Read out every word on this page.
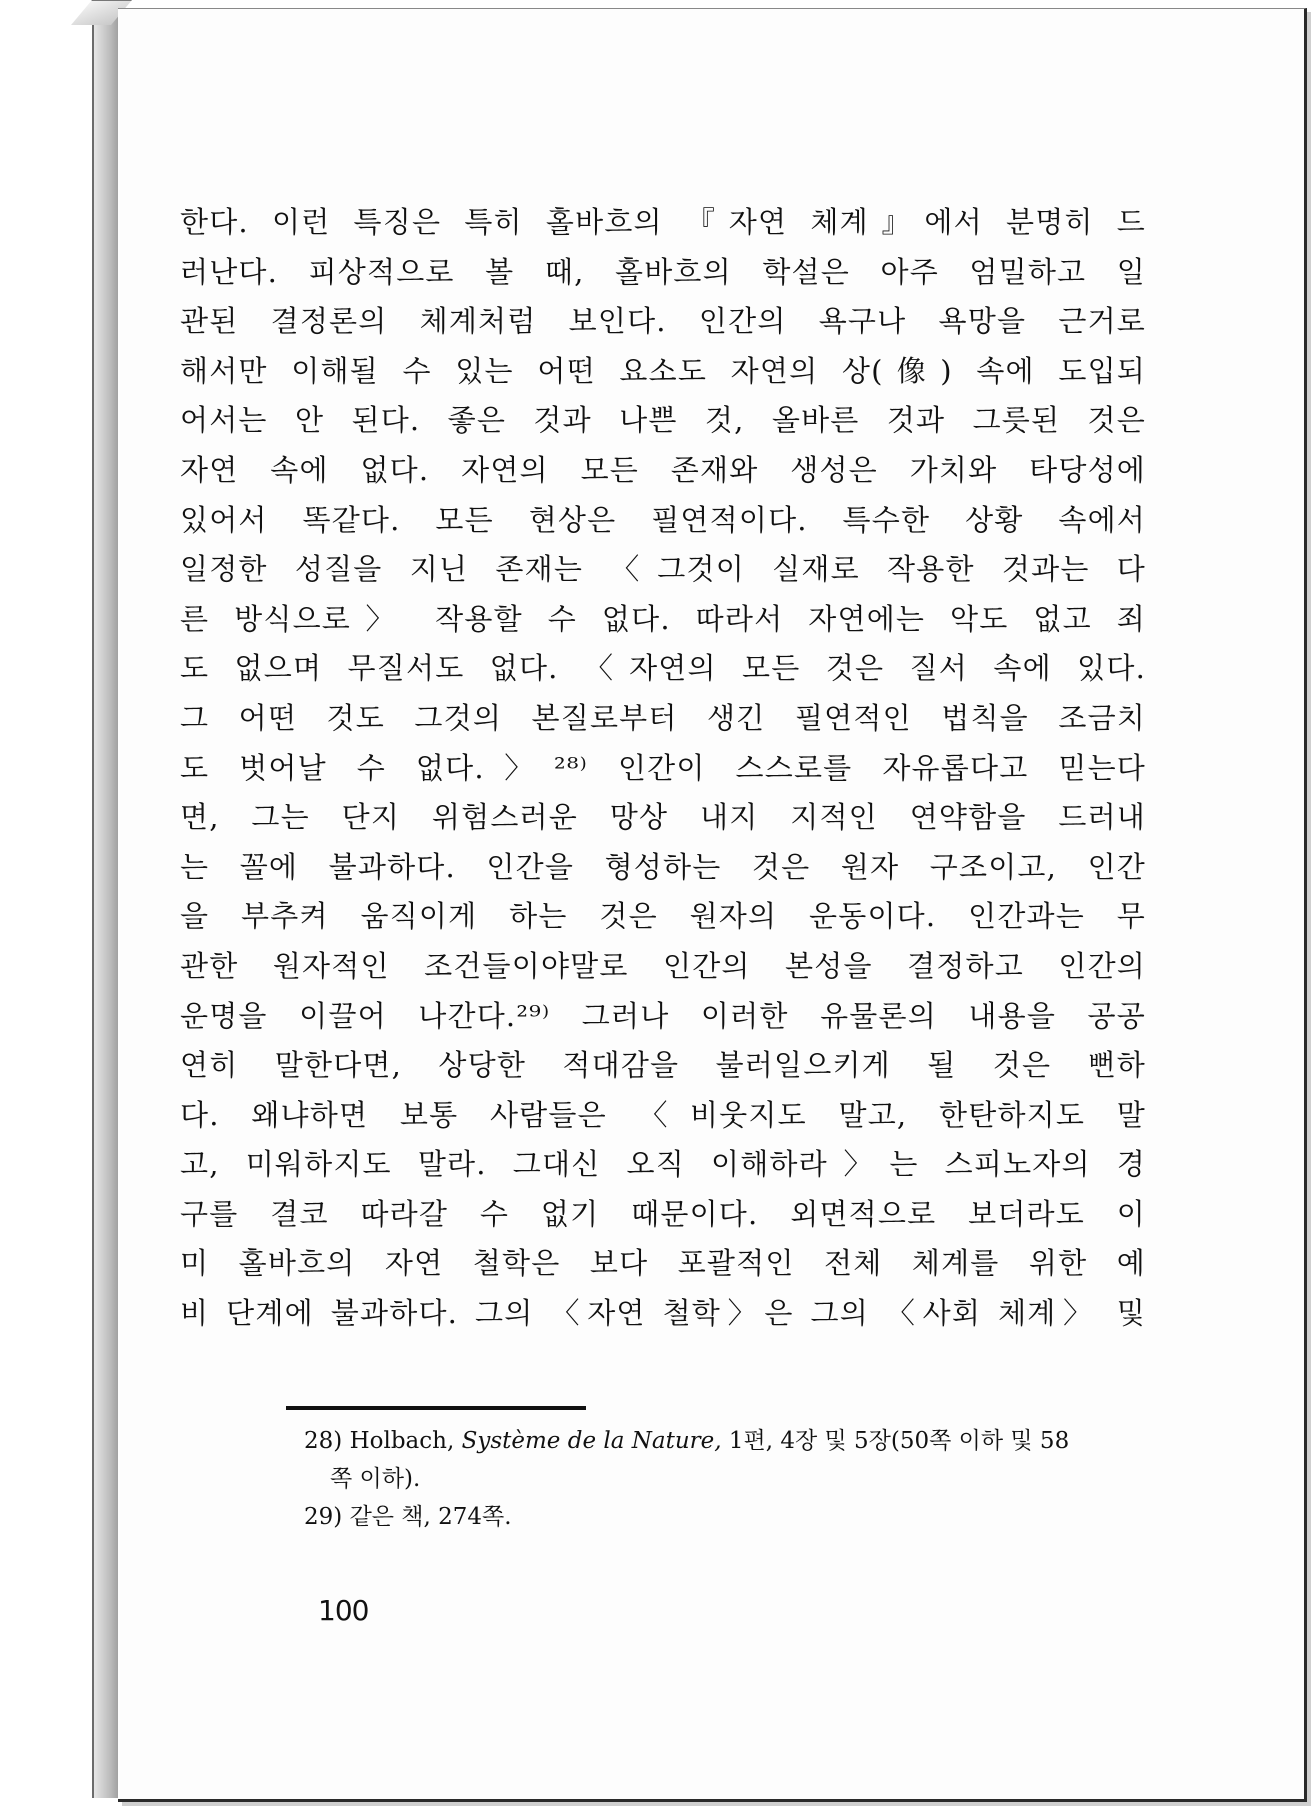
한다. 이런 특징은 특히 홀바흐의 『자연 체계』에서 분명히 드
러난다. 피상적으로 볼 때, 홀바흐의 학설은 아주 엄밀하고 일
관된 결정론의 체계처럼 보인다. 인간의 욕구나 욕망을 근거로
해서만 이해될 수 있는 어떤 요소도 자연의 상(像) 속에 도입되
어서는 안 된다. 좋은 것과 나쁜 것, 올바른 것과 그릇된 것은
자연 속에 없다. 자연의 모든 존재와 생성은 가치와 타당성에
있어서 똑같다. 모든 현상은 필연적이다. 특수한 상황 속에서
일정한 성질을 지닌 존재는 〈그것이 실재로 작용한 것과는 다
른 방식으로〉 작용할 수 없다. 따라서 자연에는 악도 없고 죄
도 없으며 무질서도 없다. 〈자연의 모든 것은 질서 속에 있다.
그 어떤 것도 그것의 본질로부터 생긴 필연적인 법칙을 조금치
도 벗어날 수 없다.〉²⁸⁾ 인간이 스스로를 자유롭다고 믿는다
면, 그는 단지 위험스러운 망상 내지 지적인 연약함을 드러내
는 꼴에 불과하다. 인간을 형성하는 것은 원자 구조이고, 인간
을 부추켜 움직이게 하는 것은 원자의 운동이다. 인간과는 무
관한 원자적인 조건들이야말로 인간의 본성을 결정하고 인간의
운명을 이끌어 나간다.²⁹⁾ 그러나 이러한 유물론의 내용을 공공
연히 말한다면, 상당한 적대감을 불러일으키게 될 것은 뻔하
다. 왜냐하면 보통 사람들은 〈비웃지도 말고, 한탄하지도 말
고, 미워하지도 말라. 그대신 오직 이해하라〉는 스피노자의 경
구를 결코 따라갈 수 없기 때문이다. 외면적으로 보더라도 이
미 홀바흐의 자연 철학은 보다 포괄적인 전체 체계를 위한 예
비 단계에 불과하다. 그의 〈자연 철학〉은 그의 〈사회 체계〉 및
28) Holbach, Système de la Nature, 1편, 4장 및 5장(50쪽 이하 및 58
쪽 이하).
29) 같은 책, 274쪽.
100
